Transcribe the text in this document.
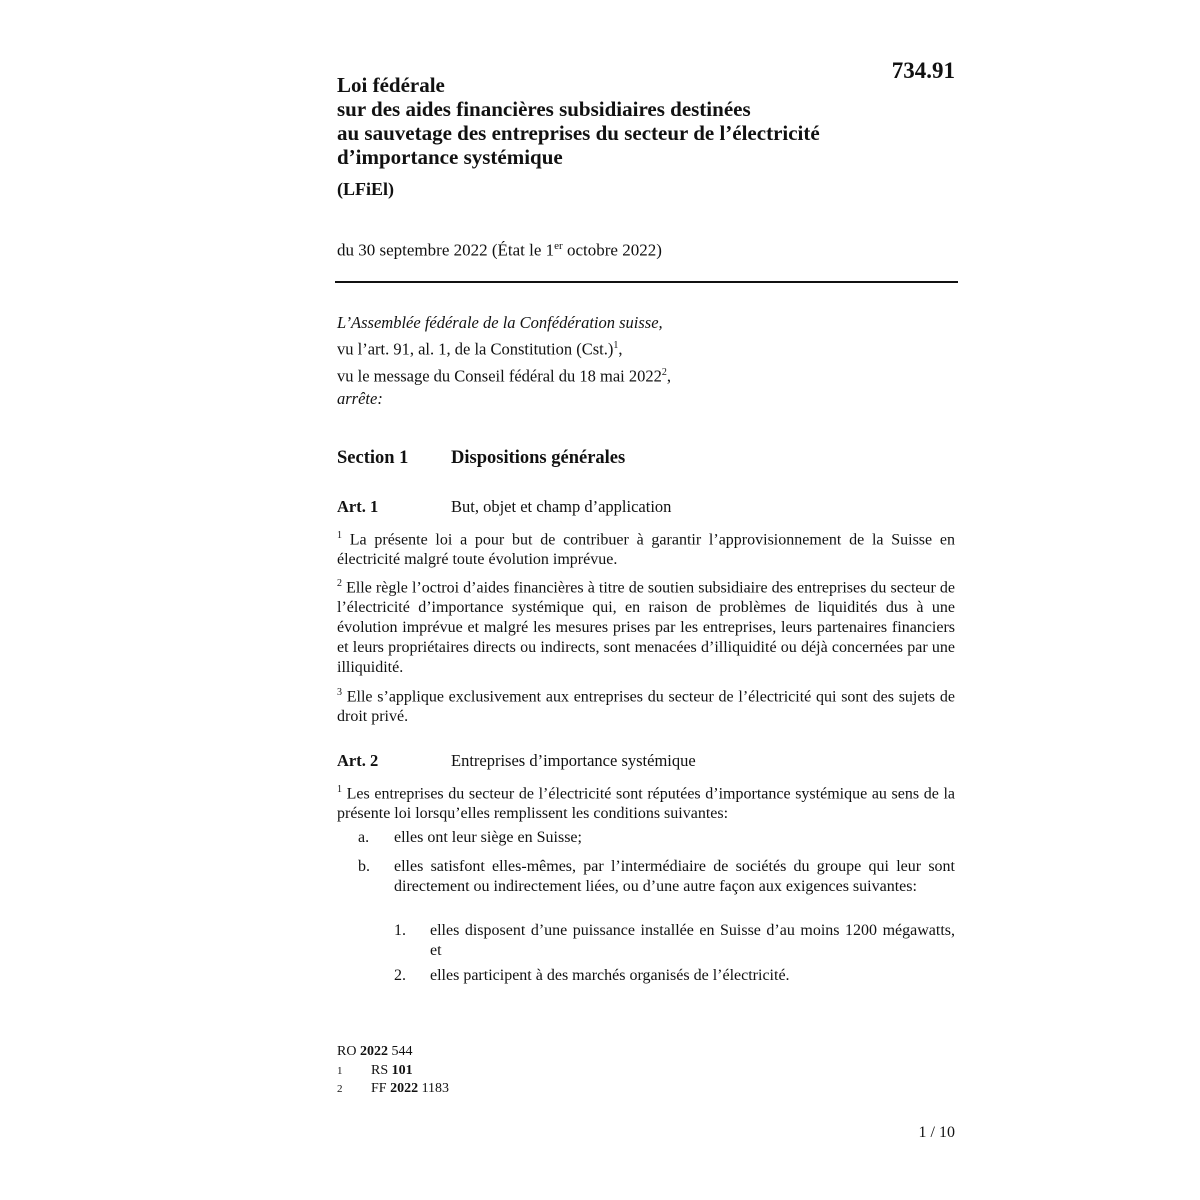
734.91
Loi fédérale
sur des aides financières subsidiaires destinées
au sauvetage des entreprises du secteur de l’électricité
d’importance systémique
(LFiEl)
du 30 septembre 2022 (État le 1er octobre 2022)
L’Assemblée fédérale de la Confédération suisse,
vu l’art. 91, al. 1, de la Constitution $(Cst.)^1$,
vu le message du Conseil fédéral du 18 mai 2022$^2$,
arrête:
Section 1 Dispositions générales
Art. 1	But, objet et champ d’application
$^1$ La présente loi a pour but de contribuer à garantir l’approvisionnement de la Suisse en électricité malgré toute évolution imprévue.
$^2$ Elle règle l’octroi d’aides financières à titre de soutien subsidiaire des entreprises du secteur de l’électricité d’importance systémique qui, en raison de problèmes de liquidités dus à une évolution imprévue et malgré les mesures prises par les entreprises, leurs partenaires financiers et leurs propriétaires directs ou indirects, sont menacées d’illiquidité ou déjà concernées par une illiquidité.
$^3$ Elle s’applique exclusivement aux entreprises du secteur de l’électricité qui sont des sujets de droit privé.
Art. 2	Entreprises d’importance systémique
$^1$ Les entreprises du secteur de l’électricité sont réputées d’importance systémique au sens de la présente loi lorsqu’elles remplissent les conditions suivantes:
a. elles ont leur siège en Suisse;
b. elles satisfont elles-mêmes, par l’intermédiaire de sociétés du groupe qui leur sont directement ou indirectement liées, ou d’une autre façon aux exigences suivantes:
1. elles disposent d’une puissance installée en Suisse d’au moins 1200 mégawatts, et
2. elles participent à des marchés organisés de l’électricité.
RO 2022 544
1 RS 101
2 FF 2022 1183
1 / 10
